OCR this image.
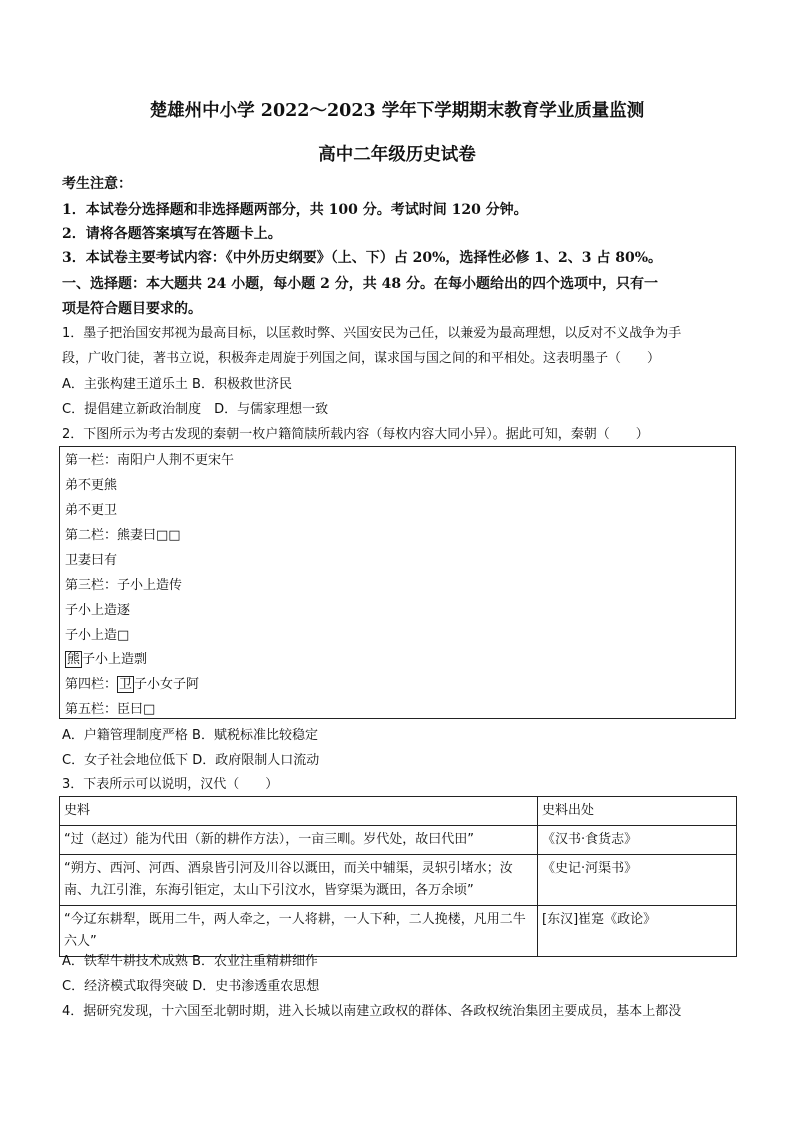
楚雄州中小学 2022～2023 学年下学期期末教育学业质量监测
高中二年级历史试卷
考生注意：
1．本试卷分选择题和非选择题两部分，共 100 分。考试时间 120 分钟。
2．请将各题答案填写在答题卡上。
3．本试卷主要考试内容：《中外历史纲要》（上、下）占 20%，选择性必修 1、2、3 占 80%。
一、选择题：本大题共 24 小题，每小题 2 分，共 48 分。在每小题给出的四个选项中，只有一
项是符合题目要求的。
1．墨子把治国安邦视为最高目标，以匡救时弊、兴国安民为己任，以兼爱为最高理想，以反对不义战争为手
段，广收门徒，著书立说，积极奔走周旋于列国之间，谋求国与国之间的和平相处。这表明墨子（　　）
A．主张构建王道乐土 B．积极救世济民
C．提倡建立新政治制度　D．与儒家理想一致
2．下图所示为考古发现的秦朝一枚户籍简牍所载内容（每枚内容大同小异）。据此可知，秦朝（　　）
第一栏：南阳户人荆不更宋午
弟不更熊
弟不更卫
第二栏：熊妻曰□□
卫妻曰有
第三栏：子小上造传
子小上造逐
子小上造□
熊 子小上造剽
第四栏： 卫 子小女子阿
第五栏：臣曰□
A．户籍管理制度严格 B．赋税标准比较稳定
C．女子社会地位低下 D．政府限制人口流动
3．下表所示可以说明，汉代（　　）
史料	史料出处
“过（赵过）能为代田（新的耕作方法），一亩三甽。岁代处，故曰代田”	《汉书·食货志》
“朔方、西河、河西、酒泉皆引河及川谷以溉田，而关中辅渠，灵轵引堵水；汝南、九江引淮，东海引钜定，太山下引汶水，皆穿渠为溉田，各万余顷”	《史记·河渠书》
“今辽东耕犁，既用二牛，两人牵之，一人将耕，一人下种，二人挽楼，凡用二牛六人”	[东汉]崔寔《政论》
A．铁犁牛耕技术成熟 B．农业注重精耕细作
C．经济模式取得突破 D．史书渗透重农思想
4．据研究发现，十六国至北朝时期，进入长城以南建立政权的群体、各政权统治集团主要成员，基本上都没
